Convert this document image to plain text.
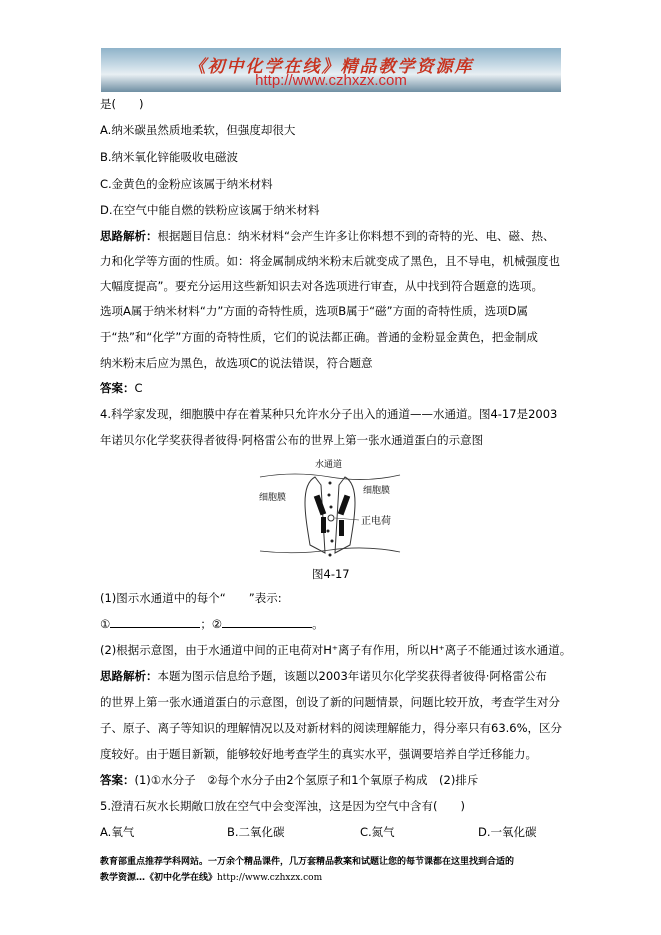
《初中化学在线》精品教学资源库
http://www.czhxzx.com
是(　　)
A.纳米碳虽然质地柔软，但强度却很大
B.纳米氧化锌能吸收电磁波
C.金黄色的金粉应该属于纳米材料
D.在空气中能自燃的铁粉应该属于纳米材料
思路解析：根据题目信息：纳米材料“会产生许多让你料想不到的奇特的光、电、磁、热、
力和化学等方面的性质。如：将金属制成纳米粉末后就变成了黑色，且不导电，机械强度也
大幅度提高”。要充分运用这些新知识去对各选项进行审查，从中找到符合题意的选项。
选项A属于纳米材料“力”方面的奇特性质，选项B属于“磁”方面的奇特性质，选项D属
于“热”和“化学”方面的奇特性质，它们的说法都正确。普通的金粉显金黄色，把金制成
纳米粉末后应为黑色，故选项C的说法错误，符合题意
答案：C
4.科学家发现，细胞膜中存在着某种只允许水分子出入的通道——水通道。图4-17是2003
年诺贝尔化学奖获得者彼得·阿格雷公布的世界上第一张水通道蛋白的示意图
水通道
细胞膜
细胞膜
正电荷
图4-17
(1)图示水通道中的每个“　　”表示:
①	；②	。
(2)根据示意图，由于水通道中间的正电荷对H⁺离子有作用，所以H⁺离子不能通过该水通道。
思路解析：本题为图示信息给予题，该题以2003年诺贝尔化学奖获得者彼得·阿格雷公布
的世界上第一张水通道蛋白的示意图，创设了新的问题情景，问题比较开放，考查学生对分
子、原子、离子等知识的理解情况以及对新材料的阅读理解能力，得分率只有63.6%，区分
度较好。由于题目新颖，能够较好地考查学生的真实水平，强调要培养自学迁移能力。
答案：(1)①水分子　②每个水分子由2个氢原子和1个氧原子构成　(2)排斥
5.澄清石灰水长期敞口放在空气中会变浑浊，这是因为空气中含有(　　)
A.氧气	B.二氧化碳	C.氮气	D.一氧化碳
教育部重点推荐学科网站。一万余个精品课件，几万套精品教案和试题让您的每节课都在这里找到合适的
教学资源…《初中化学在线》http://www.czhxzx.com
